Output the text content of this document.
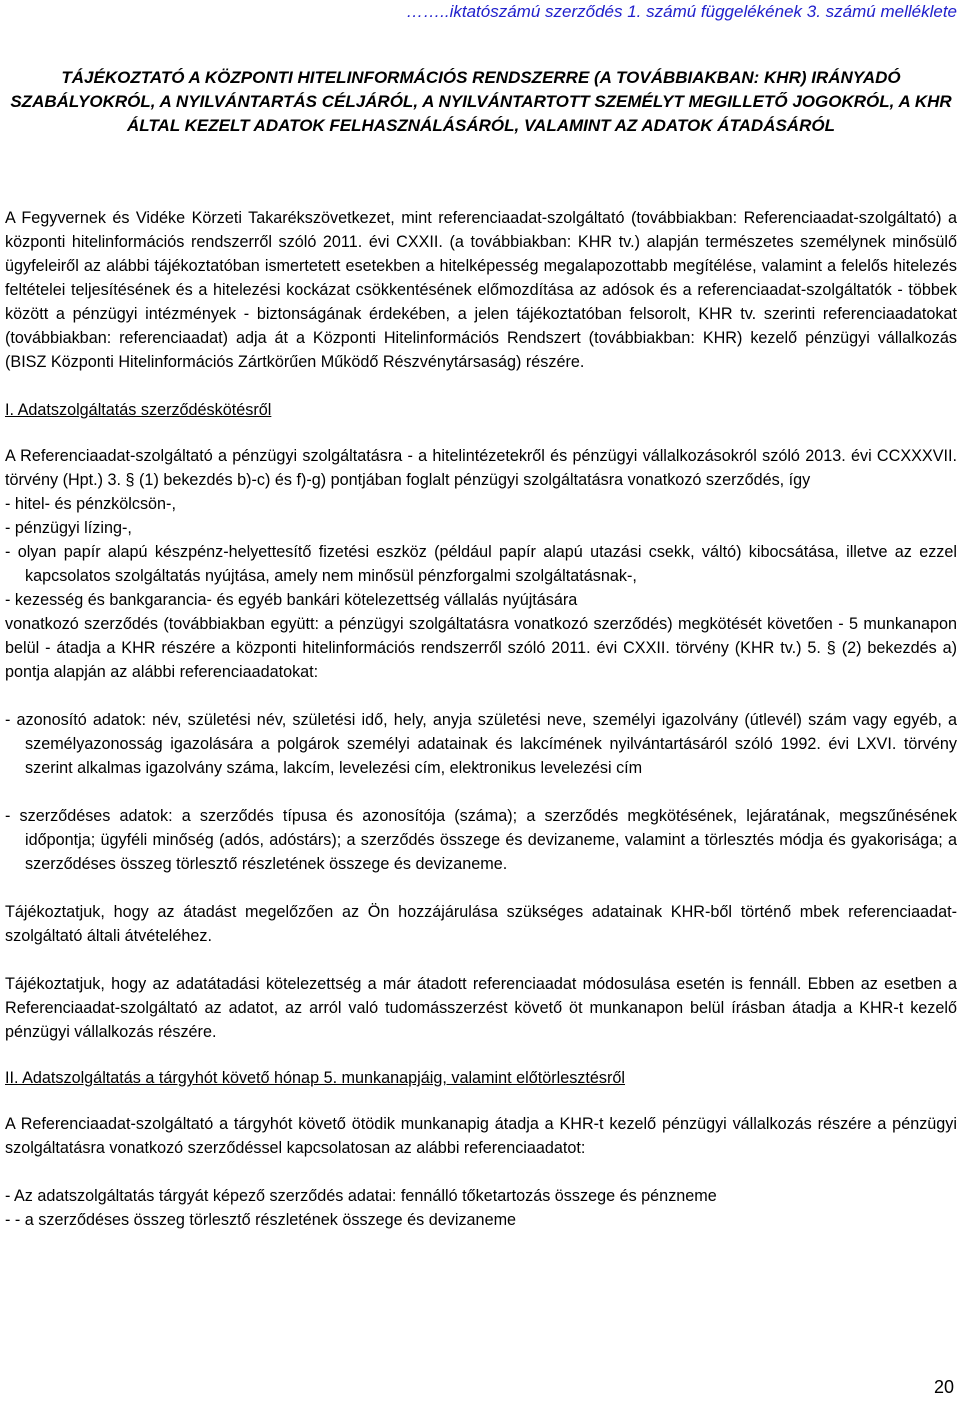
……..iktatószámú szerződés 1. számú függelékének 3. számú melléklete

TÁJÉKOZTATÓ A KÖZPONTI HITELINFORMÁCIÓS RENDSZERRE (A TOVÁBBIAKBAN: KHR) IRÁNYADÓ SZABÁLYOKRÓL, A NYILVÁNTARTÁS CÉLJÁRÓL, A NYILVÁNTARTOTT SZEMÉLYT MEGILLETŐ JOGOKRÓL, A KHR ÁLTAL KEZELT ADATOK FELHASZNÁLÁSÁRÓL, VALAMINT AZ ADATOK ÁTADÁSÁRÓL

A Fegyvernek és Vidéke Körzeti Takarékszövetkezet, mint referenciaadat-szolgáltató (továbbiakban: Referenciaadat-szolgáltató) a központi hitelinformációs rendszerről szóló 2011. évi CXXII. (a továbbiakban: KHR tv.) alapján természetes személynek minősülő ügyfeleiről az alábbi tájékoztatóban ismertetett esetekben a hitelképesség megalapozottabb megítélése, valamint a felelős hitelezés feltételei teljesítésének és a hitelezési kockázat csökkentésének előmozdítása az adósok és a referenciaadat-szolgáltatók - többek között a pénzügyi intézmények - biztonságának érdekében, a jelen tájékoztatóban felsorolt, KHR tv. szerinti referenciaadatokat (továbbiakban: referenciaadat) adja át a Központi Hitelinformációs Rendszert (továbbiakban: KHR) kezelő pénzügyi vállalkozás (BISZ Központi Hitelinformációs Zártkörűen Működő Részvénytársaság) részére.

I. Adatszolgáltatás szerződéskötésről

A Referenciaadat-szolgáltató a pénzügyi szolgáltatásra - a hitelintézetekről és pénzügyi vállalkozásokról szóló 2013. évi CCXXXVII. törvény (Hpt.) 3. § (1) bekezdés b)-c) és f)-g) pontjában foglalt pénzügyi szolgáltatásra vonatkozó szerződés, így

- hitel- és pénzkölcsön-,

- pénzügyi lízing-,

- olyan papír alapú készpénz-helyettesítő fizetési eszköz (például papír alapú utazási csekk, váltó) kibocsátása, illetve az ezzel kapcsolatos szolgáltatás nyújtása, amely nem minősül pénzforgalmi szolgáltatásnak-,

- kezesség és bankgarancia- és egyéb bankári kötelezettség vállalás nyújtására

vonatkozó szerződés (továbbiakban együtt: a pénzügyi szolgáltatásra vonatkozó szerződés) megkötését követően - 5 munkanapon belül - átadja a KHR részére a központi hitelinformációs rendszerről szóló 2011. évi CXXII. törvény (KHR tv.) 5. § (2) bekezdés a) pontja alapján az alábbi referenciaadatokat:

- azonosító adatok: név, születési név, születési idő, hely, anyja születési neve, személyi igazolvány (útlevél) szám vagy egyéb, a személyazonosság igazolására a polgárok személyi adatainak és lakcímének nyilvántartásáról szóló 1992. évi LXVI. törvény szerint alkalmas igazolvány száma, lakcím, levelezési cím, elektronikus levelezési cím

- szerződéses adatok: a szerződés típusa és azonosítója (száma); a szerződés megkötésének, lejáratának, megszűnésének időpontja; ügyféli minőség (adós, adóstárs); a szerződés összege és devizaneme, valamint a törlesztés módja és gyakorisága; a szerződéses összeg törlesztő részletének összege és devizaneme.

Tájékoztatjuk, hogy az átadást megelőzően az Ön hozzájárulása szükséges adatainak KHR-ből történő mbek referenciaadat-szolgáltató általi átvételéhez.

Tájékoztatjuk, hogy az adatátadási kötelezettség a már átadott referenciaadat módosulása esetén is fennáll. Ebben az esetben a Referenciaadat-szolgáltató az adatot, az arról való tudomásszerzést követő öt munkanapon belül írásban átadja a KHR-t kezelő pénzügyi vállalkozás részére.

II. Adatszolgáltatás a tárgyhót követő hónap 5. munkanapjáig, valamint előtörlesztésről

A Referenciaadat-szolgáltató a tárgyhót követő ötödik munkanapig átadja a KHR-t kezelő pénzügyi vállalkozás részére a pénzügyi szolgáltatásra vonatkozó szerződéssel kapcsolatosan az alábbi referenciaadatot:

- Az adatszolgáltatás tárgyát képező szerződés adatai: fennálló tőketartozás összege és pénzneme

- - a szerződéses összeg törlesztő részletének összege és devizaneme

20
